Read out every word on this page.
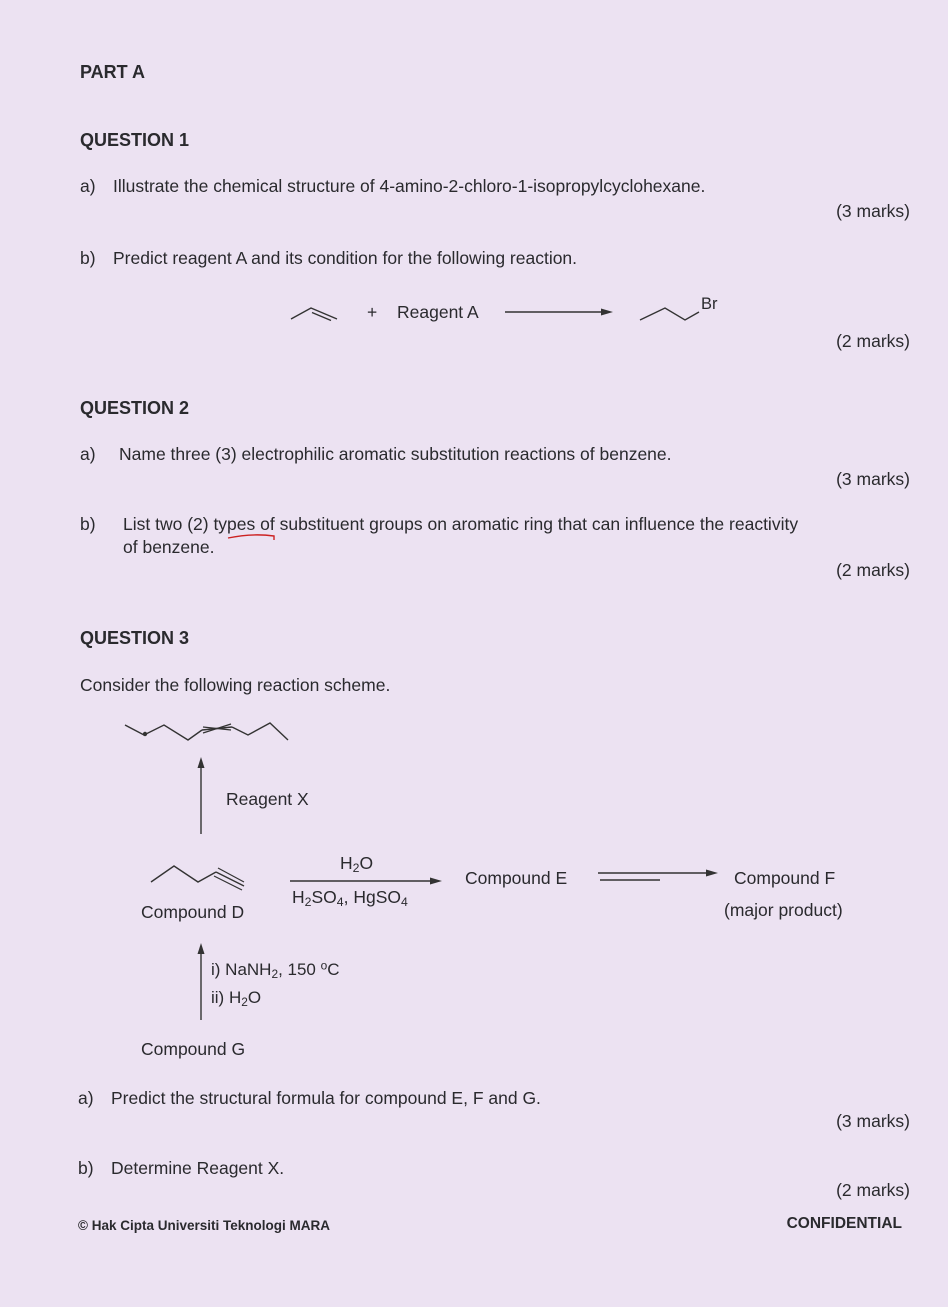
PART A
QUESTION 1
a) Illustrate the chemical structure of 4-amino-2-chloro-1-isopropylcyclohexane.
(3 marks)
b) Predict reagent A and its condition for the following reaction.
+ Reagent A	Br
(2 marks)
QUESTION 2
a) Name three (3) electrophilic aromatic substitution reactions of benzene.
(3 marks)
b) List two (2) types of substituent groups on aromatic ring that can influence the reactivity
of benzene.
(2 marks)
QUESTION 3
Consider the following reaction scheme.
Reagent X
Compound D
$H_2O$
$H_2SO_4$, HgSO$_4$
Compound E	Compound F
(major product)
i) NaNH$_2$, 150 $^o$C
ii) $H_2O$
Compound G
a) Predict the structural formula for compound E, F and G.
(3 marks)
b) Determine Reagent X.
(2 marks)
© Hak Cipta Universiti Teknologi MARA	CONFIDENTIAL
